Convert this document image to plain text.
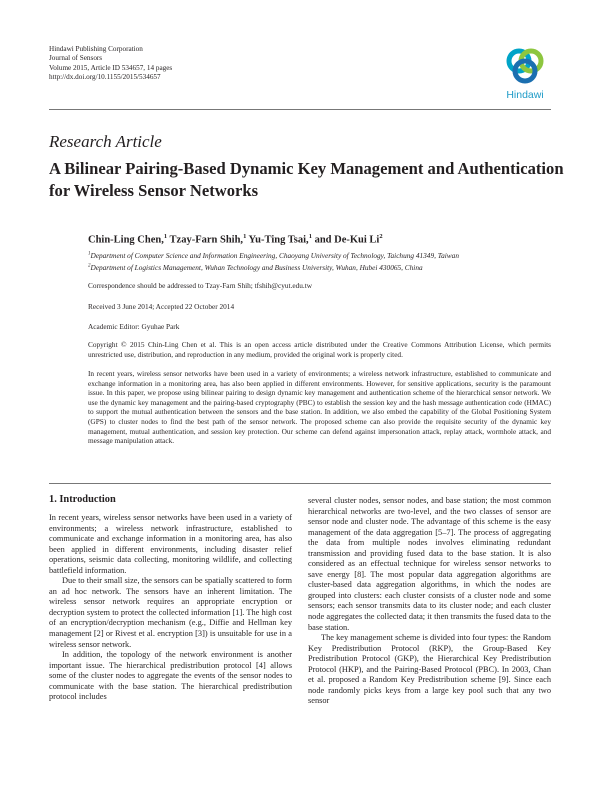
Hindawi Publishing Corporation
Journal of Sensors
Volume 2015, Article ID 534657, 14 pages
http://dx.doi.org/10.1155/2015/534657
Hindawi
Research Article
A Bilinear Pairing-Based Dynamic Key Management and Authentication for Wireless Sensor Networks
Chin-Ling Chen,$^1$ Tzay-Farn Shih,$^1$ Yu-Ting Tsai,$^1$ and De-Kui Li$^2$
$^1$Department of Computer Science and Information Engineering, Chaoyang University of Technology, Taichung 41349, Taiwan
$^2$Department of Logistics Management, Wuhan Technology and Business University, Wuhan, Hubei 430065, China
Correspondence should be addressed to Tzay-Farn Shih; tfshih@cyut.edu.tw
Received 3 June 2014; Accepted 22 October 2014
Academic Editor: Gyuhae Park
Copyright © 2015 Chin-Ling Chen et al. This is an open access article distributed under the Creative Commons Attribution License, which permits unrestricted use, distribution, and reproduction in any medium, provided the original work is properly cited.
In recent years, wireless sensor networks have been used in a variety of environments; a wireless network infrastructure, established to communicate and exchange information in a monitoring area, has also been applied in different environments. However, for sensitive applications, security is the paramount issue. In this paper, we propose using bilinear pairing to design dynamic key management and authentication scheme of the hierarchical sensor network. We use the dynamic key management and the pairing-based cryptography (PBC) to establish the session key and the hash message authentication code (HMAC) to support the mutual authentication between the sensors and the base station. In addition, we also embed the capability of the Global Positioning System (GPS) to cluster nodes to find the best path of the sensor network. The proposed scheme can also provide the requisite security of the dynamic key management, mutual authentication, and session key protection. Our scheme can defend against impersonation attack, replay attack, wormhole attack, and message manipulation attack.
1. Introduction

In recent years, wireless sensor networks have been used in a variety of environments; a wireless network infrastructure, established to communicate and exchange information in a monitoring area, has also been applied in different environments, including disaster relief operations, seismic data collecting, monitoring wildlife, and collecting battlefield information.

Due to their small size, the sensors can be spatially scattered to form an ad hoc network. The sensors have an inherent limitation. The wireless sensor network requires an appropriate encryption or decryption system to protect the collected information [1]. The high cost of an encryption/decryption mechanism (e.g., Diffie and Hellman key management [2] or Rivest et al. encryption [3]) is unsuitable for use in a wireless sensor network.

In addition, the topology of the network environment is another important issue. The hierarchical predistribution protocol [4] allows some of the cluster nodes to aggregate the events of the sensor nodes to communicate with the base station. The hierarchical predistribution protocol includes

several cluster nodes, sensor nodes, and base station; the most common hierarchical networks are two-level, and the two classes of sensor are sensor node and cluster node. The advantage of this scheme is the easy management of the data aggregation [5–7]. The process of aggregating the data from multiple nodes involves eliminating redundant transmission and providing fused data to the base station. It is also considered as an effectual technique for wireless sensor networks to save energy [8]. The most popular data aggregation algorithms are cluster-based data aggregation algorithms, in which the nodes are grouped into clusters: each cluster consists of a cluster node and some sensors; each sensor transmits data to its cluster node; and each cluster node aggregates the collected data; it then transmits the fused data to the base station.

The key management scheme is divided into four types: the Random Key Predistribution Protocol (RKP), the Group-Based Key Predistribution Protocol (GKP), the Hierarchical Key Predistribution Protocol (HKP), and the Pairing-Based Protocol (PBC). In 2003, Chan et al. proposed a Random Key Predistribution scheme [9]. Since each node randomly picks keys from a large key pool such that any two sensor
